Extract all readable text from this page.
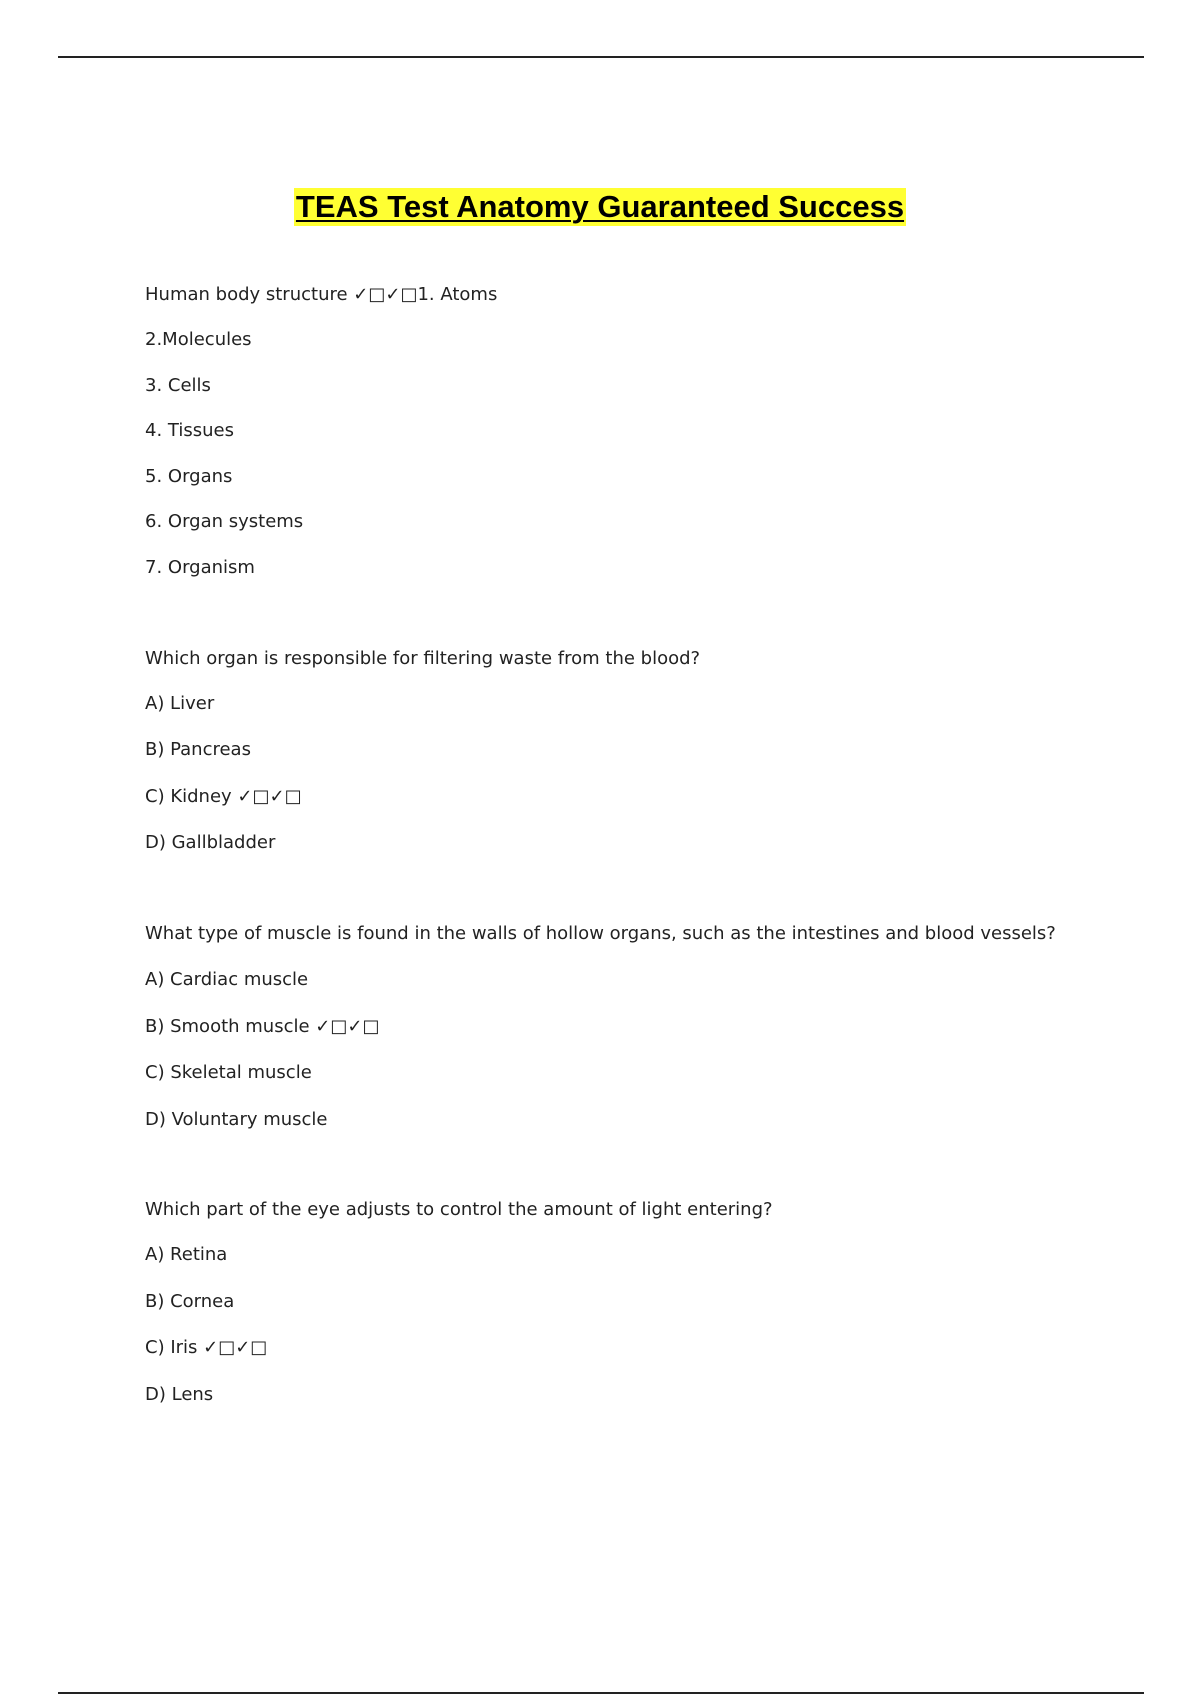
TEAS Test Anatomy Guaranteed Success
Human body structure ✓□✓□1. Atoms
2.Molecules
3. Cells
4. Tissues
5. Organs
6. Organ systems
7. Organism
Which organ is responsible for filtering waste from the blood?
A) Liver
B) Pancreas
C) Kidney ✓□✓□
D) Gallbladder
What type of muscle is found in the walls of hollow organs, such as the intestines and blood vessels?
A) Cardiac muscle
B) Smooth muscle ✓□✓□
C) Skeletal muscle
D) Voluntary muscle
Which part of the eye adjusts to control the amount of light entering?
A) Retina
B) Cornea
C) Iris ✓□✓□
D) Lens
